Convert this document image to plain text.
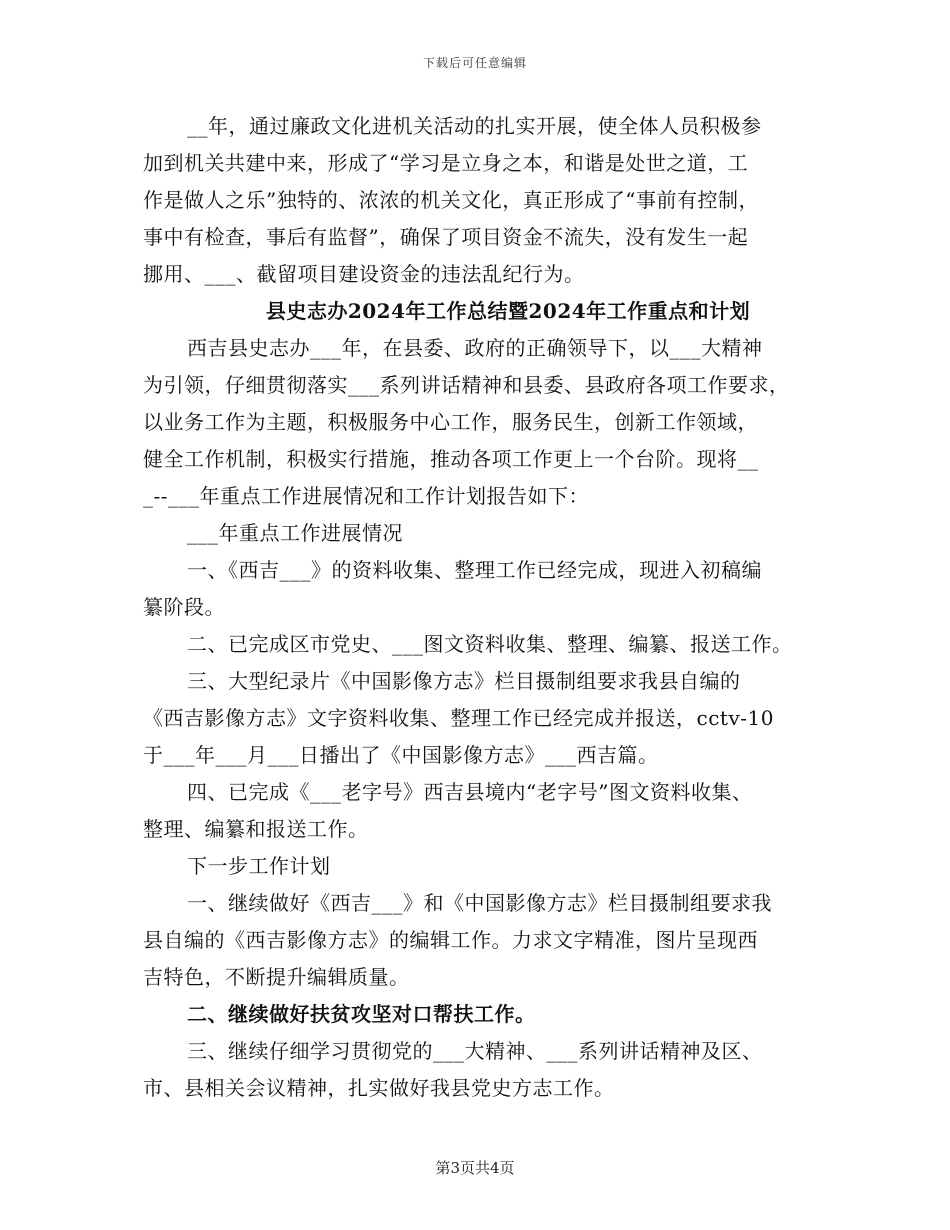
下载后可任意编辑
__年，通过廉政文化进机关活动的扎实开展，使全体人员积极参
加到机关共建中来，形成了“学习是立身之本，和谐是处世之道，工
作是做人之乐”独特的、浓浓的机关文化，真正形成了“事前有控制，
事中有检查，事后有监督”，确保了项目资金不流失，没有发生一起
挪用、___、截留项目建设资金的违法乱纪行为。
县史志办2024年工作总结暨2024年工作重点和计划
西吉县史志办___年，在县委、政府的正确领导下，以___大精神
为引领，仔细贯彻落实___系列讲话精神和县委、县政府各项工作要求，
以业务工作为主题，积极服务中心工作，服务民生，创新工作领域，
健全工作机制，积极实行措施，推动各项工作更上一个台阶。现将__
_--___年重点工作进展情况和工作计划报告如下：
___年重点工作进展情况
一、《西吉___》的资料收集、整理工作已经完成，现进入初稿编
纂阶段。
二、已完成区市党史、___图文资料收集、整理、编纂、报送工作。
三、大型纪录片《中国影像方志》栏目摄制组要求我县自编的
《西吉影像方志》文字资料收集、整理工作已经完成并报送，cctv-10
于___年___月___日播出了《中国影像方志》___西吉篇。
四、已完成《___老字号》西吉县境内“老字号”图文资料收集、
整理、编纂和报送工作。
下一步工作计划
一、继续做好《西吉___》和《中国影像方志》栏目摄制组要求我
县自编的《西吉影像方志》的编辑工作。力求文字精准，图片呈现西
吉特色，不断提升编辑质量。
二、继续做好扶贫攻坚对口帮扶工作。
三、继续仔细学习贯彻党的___大精神、___系列讲话精神及区、
市、县相关会议精神，扎实做好我县党史方志工作。
第3页共4页
